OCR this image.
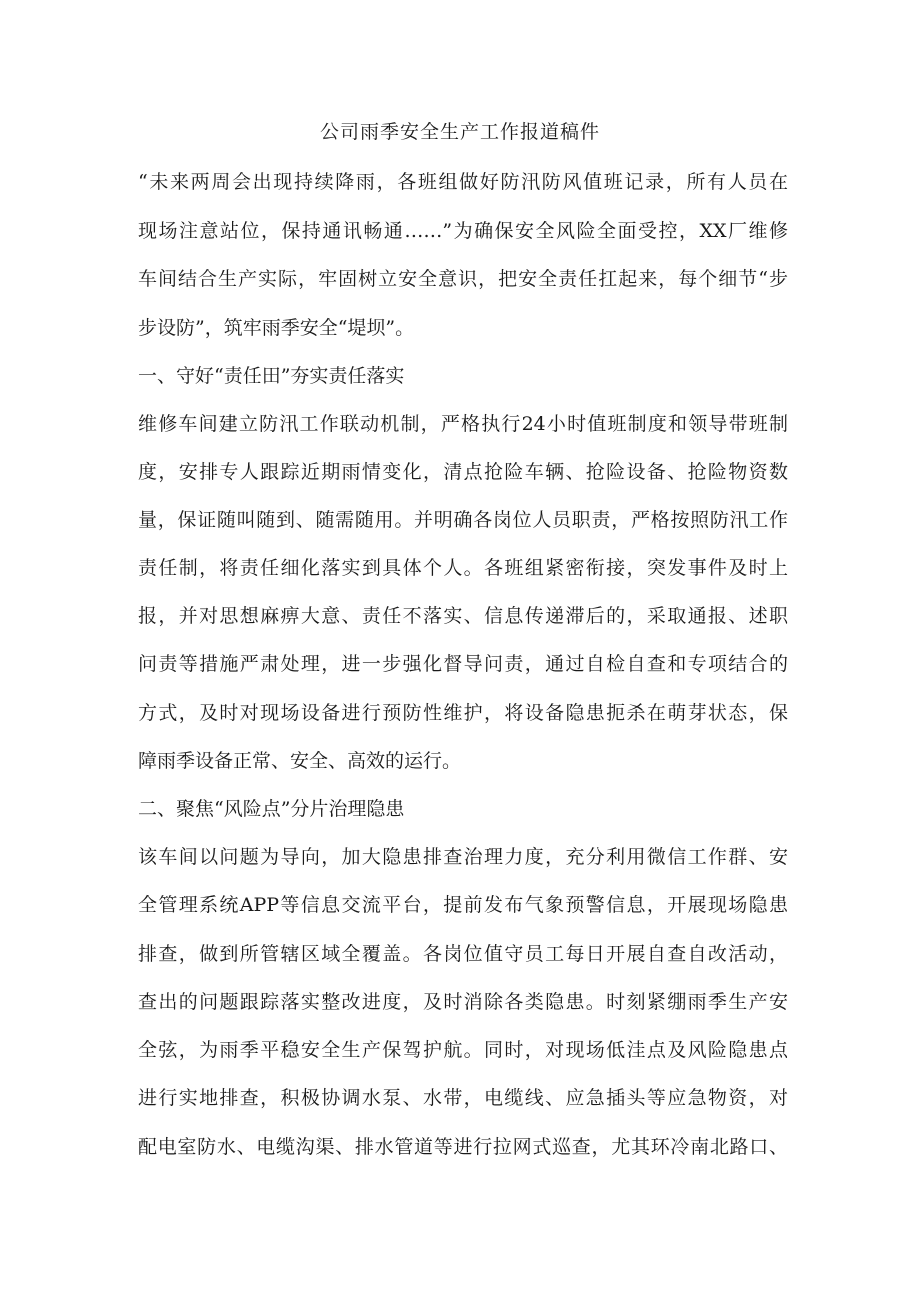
公司雨季安全生产工作报道稿件
“未来两周会出现持续降雨，各班组做好防汛防风值班记录，所有人员在
现场注意站位，保持通讯畅通……”为确保安全风险全面受控，XX厂维修
车间结合生产实际，牢固树立安全意识，把安全责任扛起来，每个细节“步
步设防”，筑牢雨季安全“堤坝”。
一、守好“责任田”夯实责任落实
维修车间建立防汛工作联动机制，严格执行24小时值班制度和领导带班制
度，安排专人跟踪近期雨情变化，清点抢险车辆、抢险设备、抢险物资数
量，保证随叫随到、随需随用。并明确各岗位人员职责，严格按照防汛工作
责任制，将责任细化落实到具体个人。各班组紧密衔接，突发事件及时上
报，并对思想麻痹大意、责任不落实、信息传递滞后的，采取通报、述职
问责等措施严肃处理，进一步强化督导问责，通过自检自查和专项结合的
方式，及时对现场设备进行预防性维护，将设备隐患扼杀在萌芽状态，保
障雨季设备正常、安全、高效的运行。
二、聚焦“风险点”分片治理隐患
该车间以问题为导向，加大隐患排查治理力度，充分利用微信工作群、安
全管理系统APP等信息交流平台，提前发布气象预警信息，开展现场隐患
排查，做到所管辖区域全覆盖。各岗位值守员工每日开展自查自改活动，
查出的问题跟踪落实整改进度，及时消除各类隐患。时刻紧绷雨季生产安
全弦，为雨季平稳安全生产保驾护航。同时，对现场低洼点及风险隐患点
进行实地排查，积极协调水泵、水带，电缆线、应急插头等应急物资，对
配电室防水、电缆沟渠、排水管道等进行拉网式巡查，尤其环冷南北路口、
